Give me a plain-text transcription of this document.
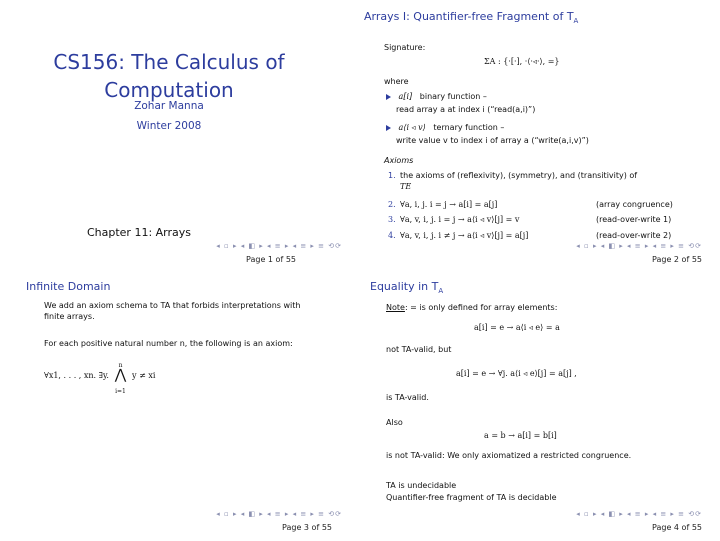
CS156: The Calculus of
Computation
Zohar Manna
Winter 2008
Chapter 11: Arrays
◂ ▫ ▸ ◂ ◧ ▸ ◂ ≡ ▸ ◂ ≡ ▸ ≡ ⟲⟳
Page 1 of 55
Arrays I: Quantifier-free Fragment of $T_A$
Signature:
ΣA : {·[·], ·⟨·◃·⟩, =}
where
a[i] binary function –
read array a at index i (“read(a,i)”)
a⟨i ◃ v⟩ ternary function –
write value v to index i of array a (“write(a,i,v)”)
Axioms
1. the axioms of (reflexivity), (symmetry), and (transitivity) of
TE
2. ∀a, i, j. i = j → a[i] = a[j]	(array congruence)
3. ∀a, v, i, j. i = j → a⟨i ◃ v⟩[j] = v	(read-over-write 1)
4. ∀a, v, i, j. i ≠ j → a⟨i ◃ v⟩[j] = a[j]	(read-over-write 2)
◂ ▫ ▸ ◂ ◧ ▸ ◂ ≡ ▸ ◂ ≡ ▸ ≡ ⟲⟳
Page 2 of 55
Infinite Domain
We add an axiom schema to TA that forbids interpretations with
finite arrays.
For each positive natural number n, the following is an axiom:
∀x1, . . . , xn. ∃y.
n
⋀
i=1
y ≠ xi
◂ ▫ ▸ ◂ ◧ ▸ ◂ ≡ ▸ ◂ ≡ ▸ ≡ ⟲⟳
Page 3 of 55
Equality in $T_A$
Note: = is only defined for array elements:
a[i] = e → a⟨i ◃ e⟩ = a
not TA-valid, but
a[i] = e → ∀j. a⟨i ◃ e⟩[j] = a[j] ,
is TA-valid.
Also
a = b → a[i] = b[i]
is not TA-valid: We only axiomatized a restricted congruence.
TA is undecidable
Quantifier-free fragment of TA is decidable
◂ ▫ ▸ ◂ ◧ ▸ ◂ ≡ ▸ ◂ ≡ ▸ ≡ ⟲⟳
Page 4 of 55
